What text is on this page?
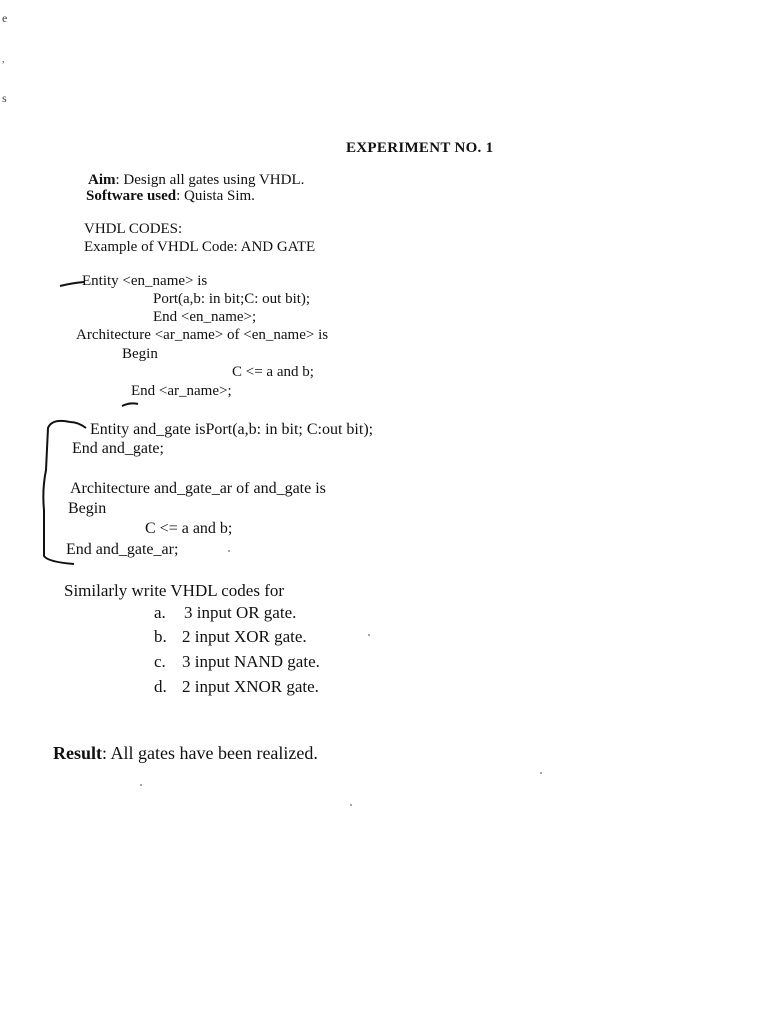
e
,
s
EXPERIMENT NO. 1
Aim: Design all gates using VHDL.
Software used: Quista Sim.
VHDL CODES:
Example of VHDL Code: AND GATE
Entity <en_name> is
Port(a,b: in bit;C: out bit);
End <en_name>;
Architecture <ar_name> of <en_name> is
Begin
C <= a and b;
End <ar_name>;
Entity and_gate isPort(a,b: in bit; C:out bit);
End and_gate;
Architecture and_gate_ar of and_gate is
Begin
C <= a and b;
End and_gate_ar;
Similarly write VHDL codes for
a. 3 input OR gate.
b. 2 input XOR gate.
c. 3 input NAND gate.
d. 2 input XNOR gate.
Result: All gates have been realized.
